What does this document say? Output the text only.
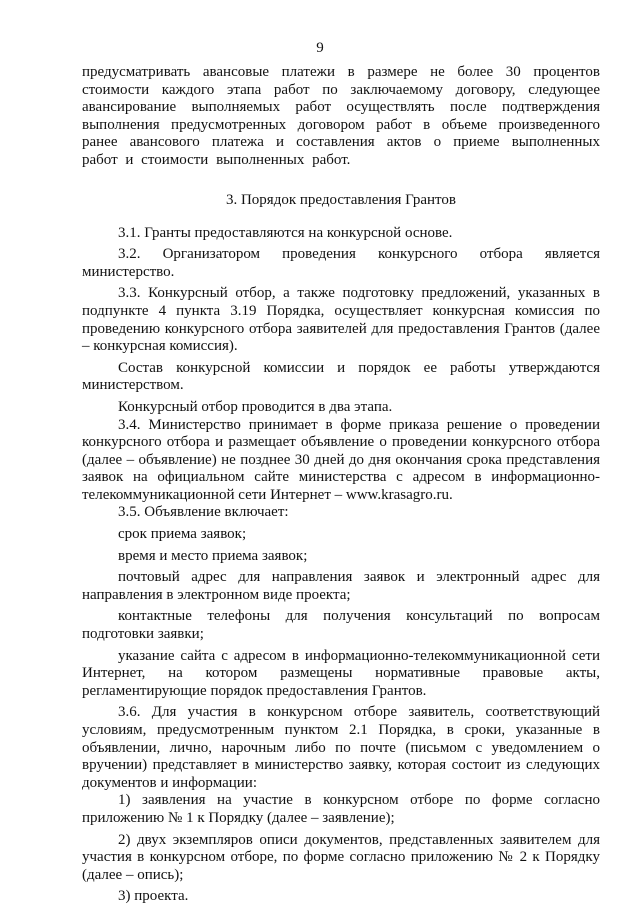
9

предусматривать авансовые платежи в размере не более 30 процентов стоимости каждого этапа работ по заключаемому договору, следующее авансирование выполняемых работ осуществлять после подтверждения выполнения предусмотренных договором работ в объеме произведенного ранее авансового платежа и составления актов о приеме выполненных работ и стоимости выполненных работ.

3. Порядок предоставления Грантов

3.1. Гранты предоставляются на конкурсной основе.

3.2. Организатором проведения конкурсного отбора является министерство.

3.3. Конкурсный отбор, а также подготовку предложений, указанных в подпункте 4 пункта 3.19 Порядка, осуществляет конкурсная комиссия по проведению конкурсного отбора заявителей для предоставления Грантов (далее – конкурсная комиссия).

Состав конкурсной комиссии и порядок ее работы утверждаются министерством.

Конкурсный отбор проводится в два этапа.

3.4. Министерство принимает в форме приказа решение о проведении конкурсного отбора и размещает объявление о проведении конкурсного отбора (далее – объявление) не позднее 30 дней до дня окончания срока представления заявок на официальном сайте министерства с адресом в информационно-телекоммуникационной сети Интернет – www.krasagro.ru.

3.5. Объявление включает:

срок приема заявок;

время и место приема заявок;

почтовый адрес для направления заявок и электронный адрес для направления в электронном виде проекта;

контактные телефоны для получения консультаций по вопросам подготовки заявки;

указание сайта с адресом в информационно-телекоммуникационной сети Интернет, на котором размещены нормативные правовые акты, регламентирующие порядок предоставления Грантов.

3.6. Для участия в конкурсном отборе заявитель, соответствующий условиям, предусмотренным пунктом 2.1 Порядка, в сроки, указанные в объявлении, лично, нарочным либо по почте (письмом с уведомлением о вручении) представляет в министерство заявку, которая состоит из следующих документов и информации:

1) заявления на участие в конкурсном отборе по форме согласно приложению № 1 к Порядку (далее – заявление);

2) двух экземпляров описи документов, представленных заявителем для участия в конкурсном отборе, по форме согласно приложению № 2 к Порядку (далее – опись);

3) проекта.
